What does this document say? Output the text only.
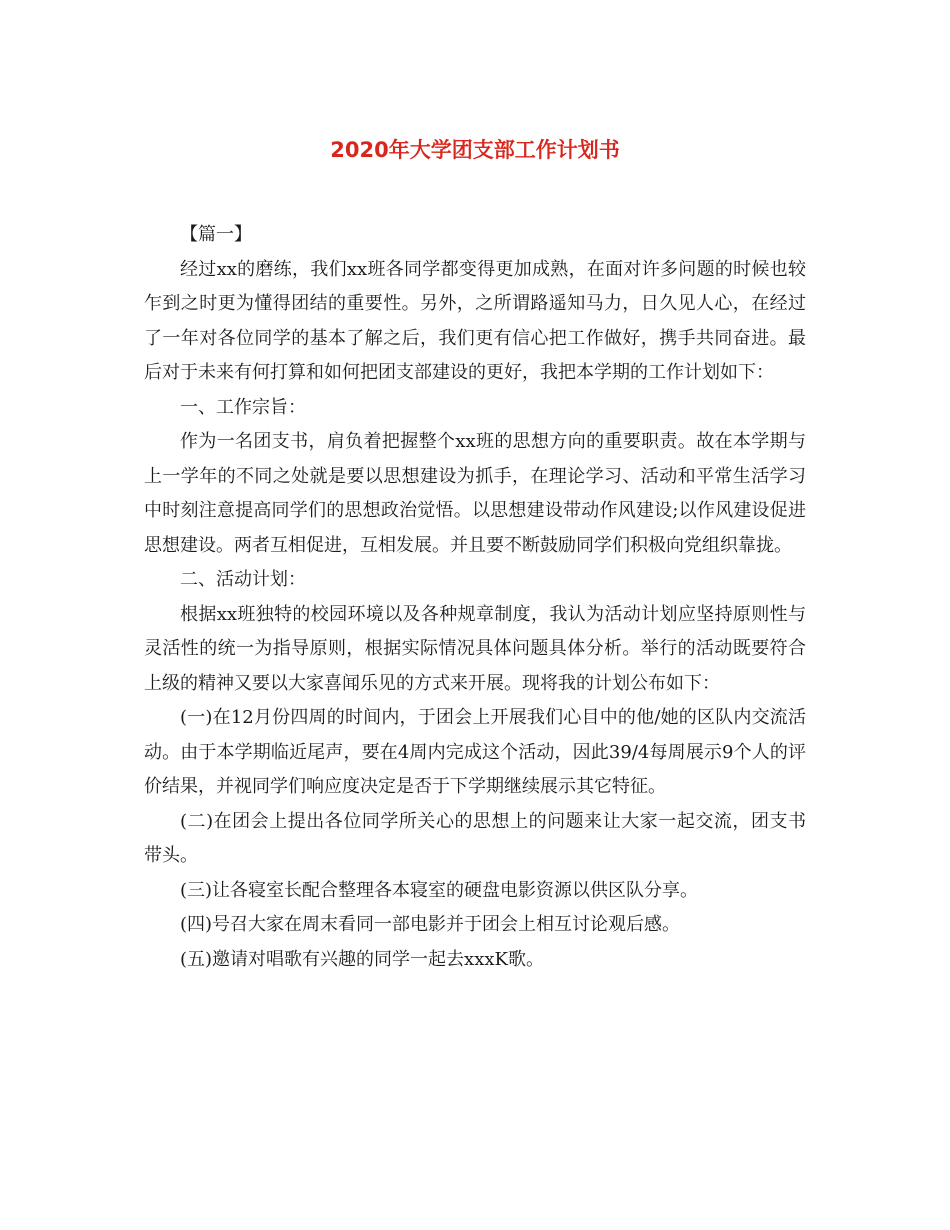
2020年大学团支部工作计划书

【篇一】

经过xx的磨练，我们xx班各同学都变得更加成熟，在面对许多问题的时候也较乍到之时更为懂得团结的重要性。另外，之所谓路遥知马力，日久见人心，在经过了一年对各位同学的基本了解之后，我们更有信心把工作做好，携手共同奋进。最后对于未来有何打算和如何把团支部建设的更好，我把本学期的工作计划如下：

一、工作宗旨：

作为一名团支书，肩负着把握整个xx班的思想方向的重要职责。故在本学期与上一学年的不同之处就是要以思想建设为抓手，在理论学习、活动和平常生活学习中时刻注意提高同学们的思想政治觉悟。以思想建设带动作风建设;以作风建设促进思想建设。两者互相促进，互相发展。并且要不断鼓励同学们积极向党组织靠拢。

二、活动计划：

根据xx班独特的校园环境以及各种规章制度，我认为活动计划应坚持原则性与灵活性的统一为指导原则，根据实际情况具体问题具体分析。举行的活动既要符合上级的精神又要以大家喜闻乐见的方式来开展。现将我的计划公布如下：

(一)在12月份四周的时间内，于团会上开展我们心目中的他/她的区队内交流活动。由于本学期临近尾声，要在4周内完成这个活动，因此39/4每周展示9个人的评价结果，并视同学们响应度决定是否于下学期继续展示其它特征。

(二)在团会上提出各位同学所关心的思想上的问题来让大家一起交流，团支书带头。

(三)让各寝室长配合整理各本寝室的硬盘电影资源以供区队分享。

(四)号召大家在周末看同一部电影并于团会上相互讨论观后感。

(五)邀请对唱歌有兴趣的同学一起去xxxK歌。
